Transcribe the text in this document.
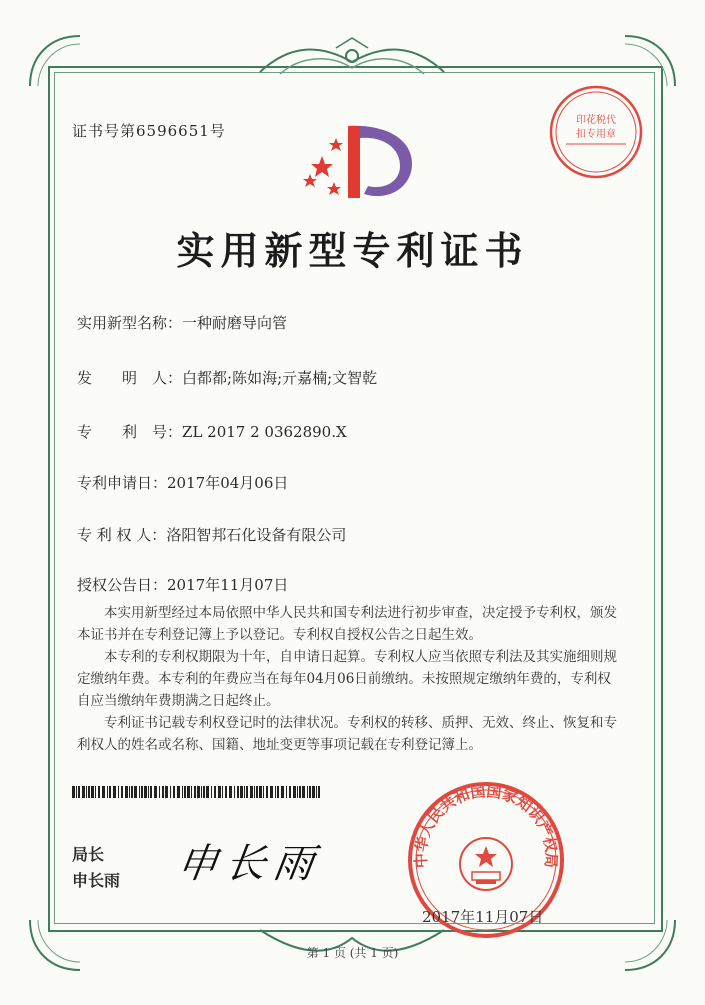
证书号第6596651号
印花税代扣专用章
实用新型专利证书
实用新型名称：一种耐磨导向管
发　　明　人：白都都;陈如海;亓嘉楠;文智乾
专　　利　号：ZL 2017 2 0362890.X
专利申请日：2017年04月06日
专 利 权 人：洛阳智邦石化设备有限公司
授权公告日：2017年11月07日

本实用新型经过本局依照中华人民共和国专利法进行初步审查，决定授予专利权，颁发本证书并在专利登记簿上予以登记。专利权自授权公告之日起生效。

本专利的专利权期限为十年，自申请日起算。专利权人应当依照专利法及其实施细则规定缴纳年费。本专利的年费应当在每年04月06日前缴纳。未按照规定缴纳年费的，专利权自应当缴纳年费期满之日起终止。

专利证书记载专利权登记时的法律状况。专利权的转移、质押、无效、终止、恢复和专利权人的姓名或名称、国籍、地址变更等事项记载在专利登记簿上。

局长
申长雨 申长雨	中华人民共和国国家知识产权局
2017年11月07日
第 1 页 (共 1 页)
